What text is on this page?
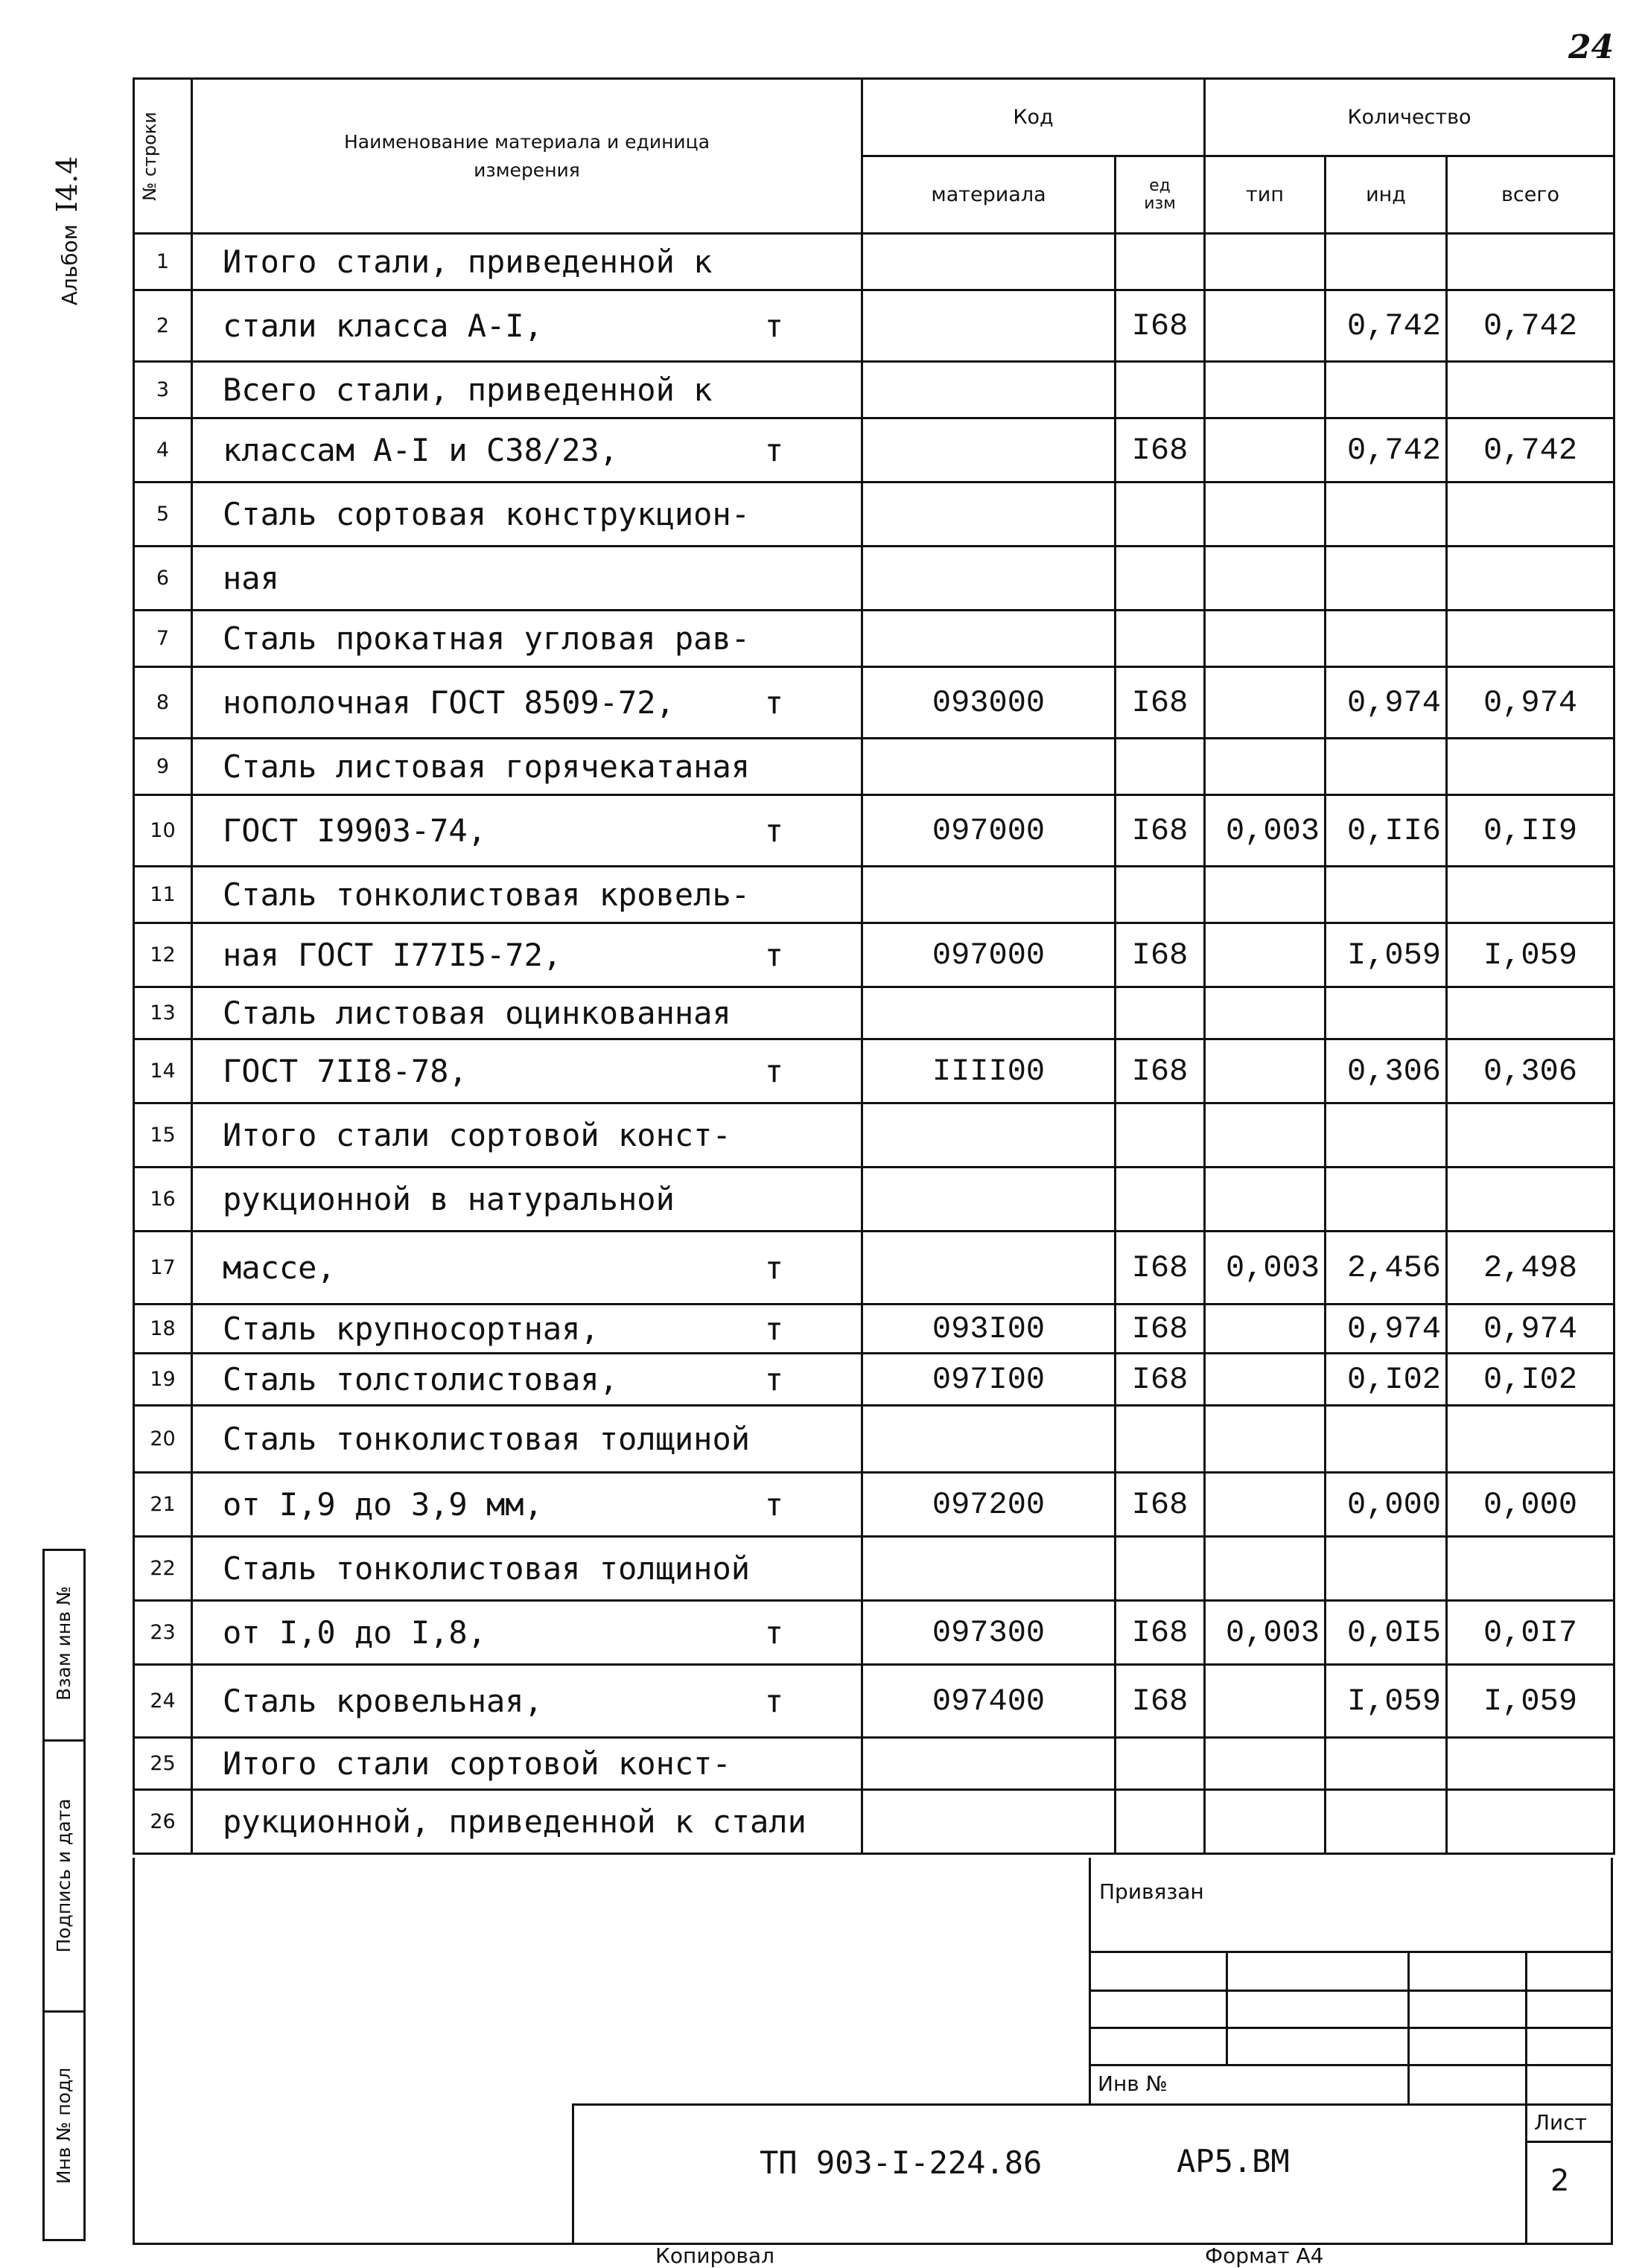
24
АльбомI4.4
Взам инв №
Подпись и дата
Инв № подл
№ строки	Наименование материала и единица измерения	Код		Количество		
		материала	ед изм	тип	инд	всего
1	Итого стали, приведенной к

2	стали класса А-I, т		I68		0,742	0,742
3	Всего стали, приведенной к

4	классам А-I и С38/23, т		I68		0,742	0,742
5	Сталь сортовая конструкцион-

6	ная

7	Сталь прокатная угловая рав-

8	нополочная ГОСТ 8509-72, т	093000	I68		0,974	0,974
9	Сталь листовая горячекатаная

10	ГОСТ I9903-74, т	097000	I68	0,003	0,II6	0,II9
11	Сталь тонколистовая кровель-

12	ная ГОСТ I77I5-72, т	097000	I68		I,059	I,059
13	Сталь листовая оцинкованная

14	ГОСТ 7II8-78, т	IIII00	I68		0,306	0,306
15	Итого стали сортовой конст-

16	рукционной в натуральной

17	массе, т		I68	0,003	2,456	2,498
18	Сталь крупносортная, т	093I00	I68		0,974	0,974
19	Сталь толстолистовая, т	097I00	I68		0,I02	0,I02
20	Сталь тонколистовая толщиной

21	от I,9 до 3,9 мм, т	097200	I68		0,000	0,000
22	Сталь тонколистовая толщиной

23	от I,0 до I,8, т	097300	I68	0,003	0,0I5	0,0I7
24	Сталь кровельная, т	097400	I68		I,059	I,059
25	Итого стали сортовой конст-

26	рукционной, приведенной к стали

Привязан
Инв №
ТП 903-I-224.86	АР5.ВМ
Лист
2
Копировал	Формат А4
